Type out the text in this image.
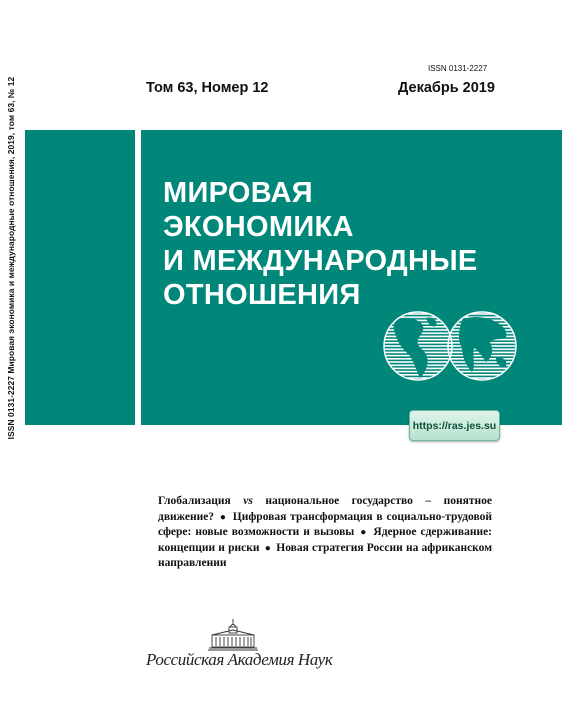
ISSN 0131-2227 Мировая экономика и международные отношения, 2019, том 63, № 12
ISSN 0131-2227
Том 63, Номер 12	Декабрь 2019
МИРОВАЯ
ЭКОНОМИКА
И МЕЖДУНАРОДНЫЕ
ОТНОШЕНИЯ
https://ras.jes.su
Глобализация vs национальное государство – понятное движение? ● Цифровая трансформация в социально-трудовой сфере: новые возможности и вызовы ● Ядерное сдерживание: концепции и риски ● Новая стратегия России на африканском направлении
Российская Академия Наук
